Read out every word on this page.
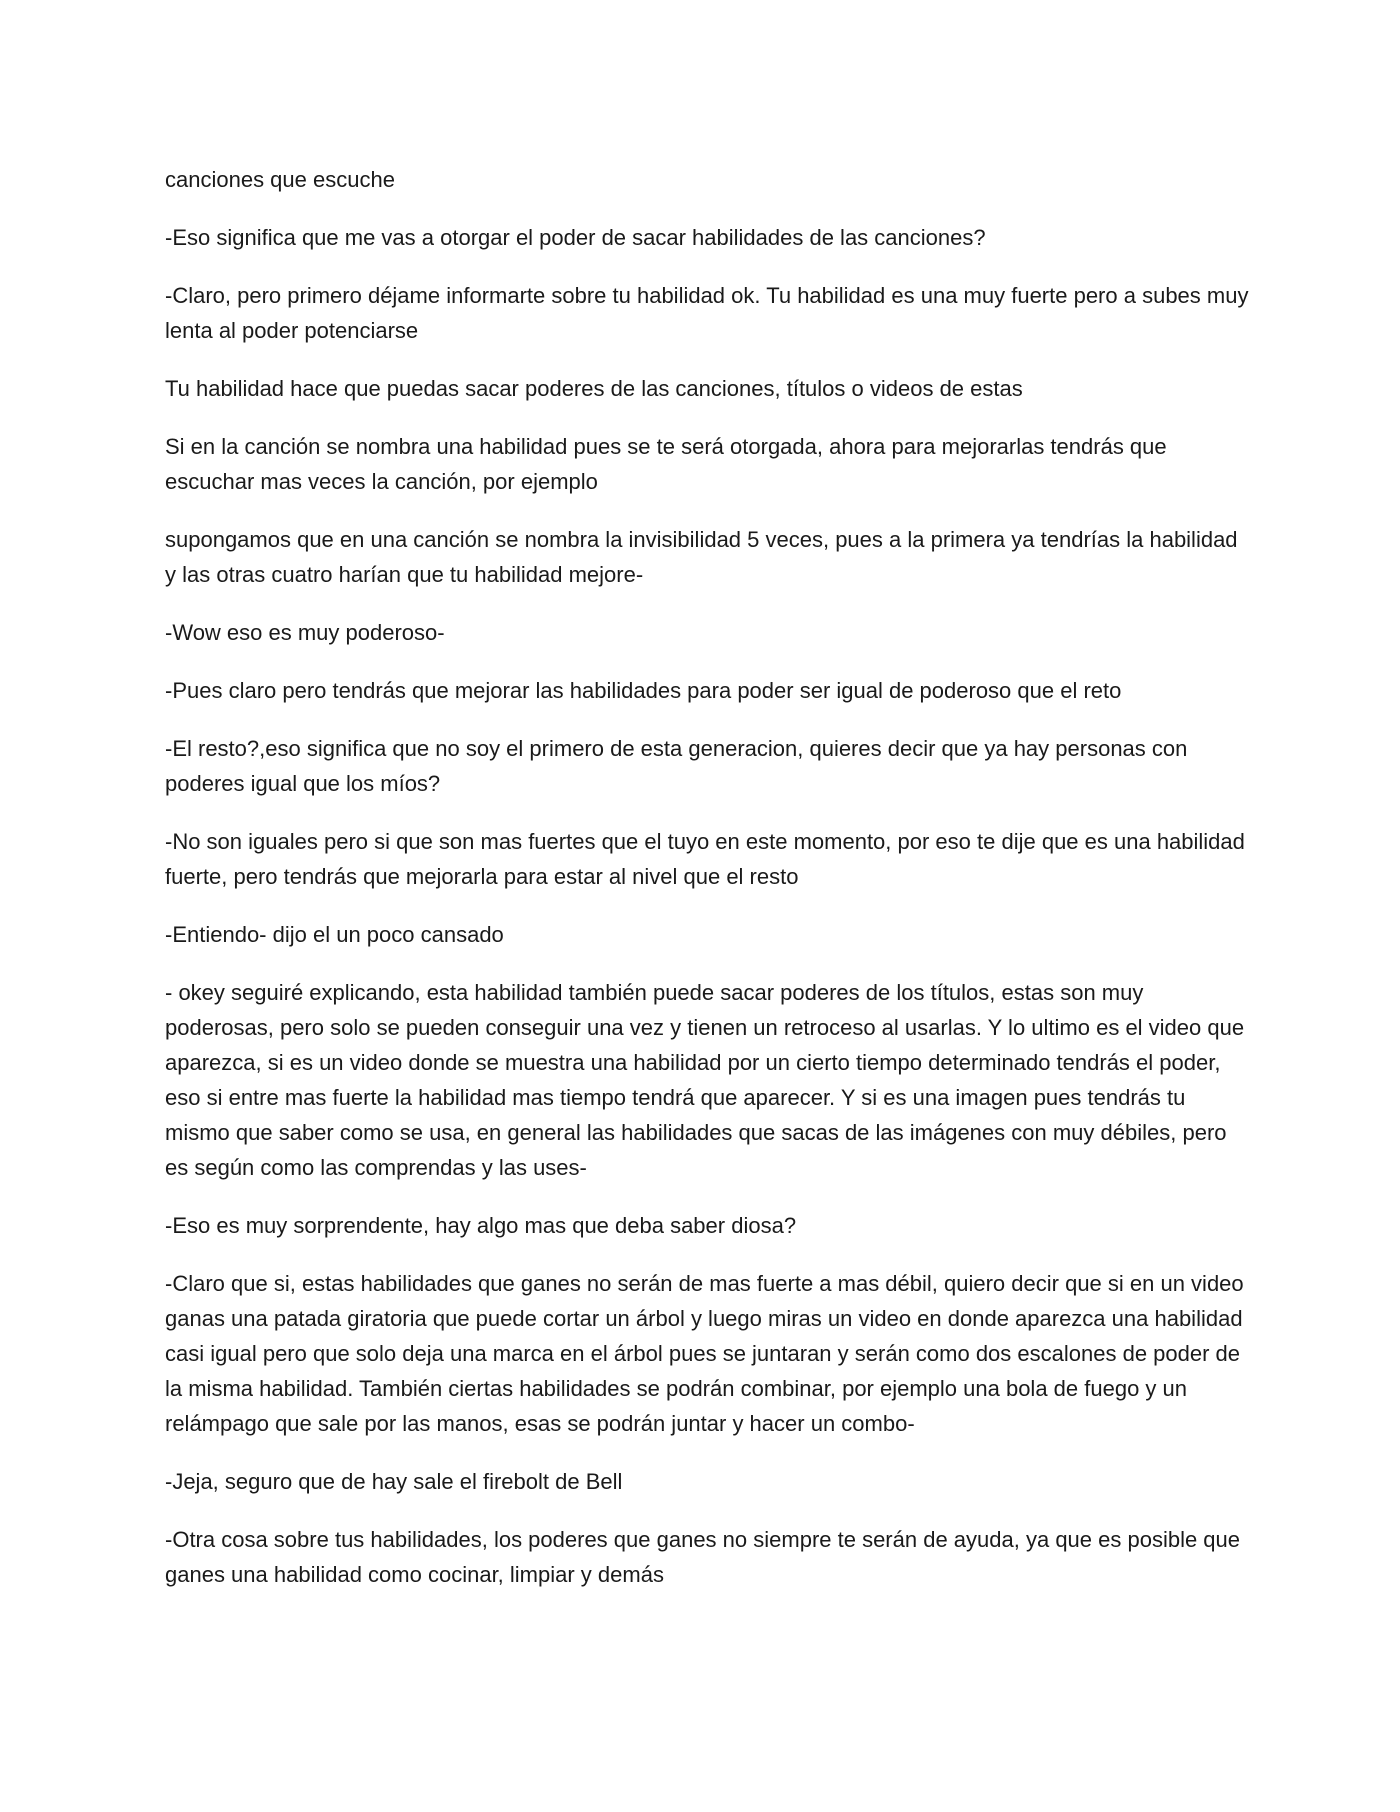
canciones que escuche

-Eso significa que me vas a otorgar el poder de sacar habilidades de las canciones?

-Claro, pero primero déjame informarte sobre tu habilidad ok. Tu habilidad es una muy fuerte pero a subes muy lenta al poder potenciarse

Tu habilidad hace que puedas sacar poderes de las canciones, títulos o videos de estas

Si en la canción se nombra una habilidad pues se te será otorgada, ahora para mejorarlas tendrás que escuchar mas veces la canción, por ejemplo

supongamos que en una canción se nombra la invisibilidad 5 veces, pues a la primera ya tendrías la habilidad y las otras cuatro harían que tu habilidad mejore-

-Wow eso es muy poderoso-

-Pues claro pero tendrás que mejorar las habilidades para poder ser igual de poderoso que el reto

-El resto?,eso significa que no soy el primero de esta generacion, quieres decir que ya hay personas con poderes igual que los míos?

-No son iguales pero si que son mas fuertes que el tuyo en este momento, por eso te dije que es una habilidad fuerte, pero tendrás que mejorarla para estar al nivel que el resto

-Entiendo- dijo el un poco cansado

- okey seguiré explicando, esta habilidad también puede sacar poderes de los títulos, estas son muy poderosas, pero solo se pueden conseguir una vez y tienen un retroceso al usarlas. Y lo ultimo es el video que aparezca, si es un video donde se muestra una habilidad por un cierto tiempo determinado tendrás el poder, eso si entre mas fuerte la habilidad mas tiempo tendrá que aparecer. Y si es una imagen pues tendrás tu mismo que saber como se usa, en general las habilidades que sacas de las imágenes con muy débiles, pero es según como las comprendas y las uses-

-Eso es muy sorprendente, hay algo mas que deba saber diosa?

-Claro que si, estas habilidades que ganes no serán de mas fuerte a mas débil, quiero decir que si en un video ganas una patada giratoria que puede cortar un árbol y luego miras un video en donde aparezca una habilidad casi igual pero que solo deja una marca en el árbol pues se juntaran y serán como dos escalones de poder de la misma habilidad. También ciertas habilidades se podrán combinar, por ejemplo una bola de fuego y un relámpago que sale por las manos, esas se podrán juntar y hacer un combo-

-Jeja, seguro que de hay sale el firebolt de Bell

-Otra cosa sobre tus habilidades, los poderes que ganes no siempre te serán de ayuda, ya que es posible que ganes una habilidad como cocinar, limpiar y demás
